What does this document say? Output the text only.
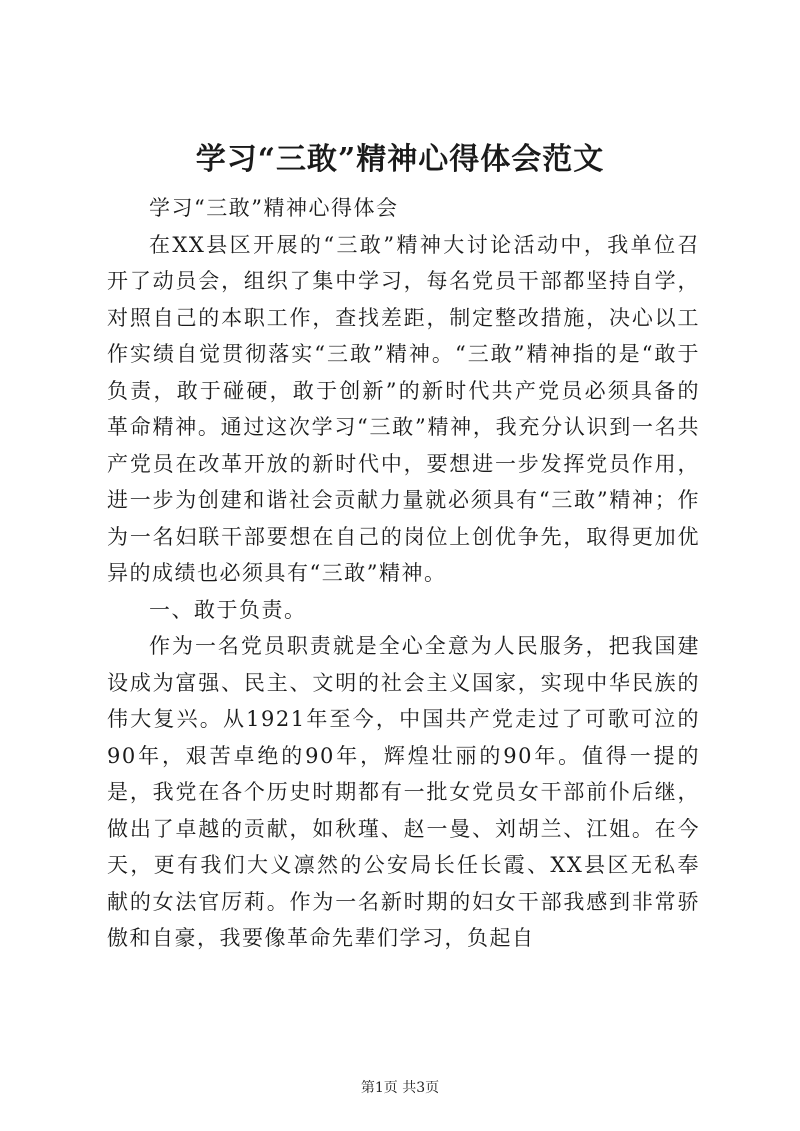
学习“三敢”精神心得体会范文

学习“三敢”精神心得体会

在XX县区开展的“三敢”精神大讨论活动中，我单位召开了动员会，组织了集中学习，每名党员干部都坚持自学，对照自己的本职工作，查找差距，制定整改措施，决心以工作实绩自觉贯彻落实“三敢”精神。“三敢”精神指的是“敢于负责，敢于碰硬，敢于创新”的新时代共产党员必须具备的革命精神。通过这次学习“三敢”精神，我充分认识到一名共产党员在改革开放的新时代中，要想进一步发挥党员作用，进一步为创建和谐社会贡献力量就必须具有“三敢”精神；作为一名妇联干部要想在自己的岗位上创优争先，取得更加优异的成绩也必须具有“三敢”精神。

一、敢于负责。

作为一名党员职责就是全心全意为人民服务，把我国建设成为富强、民主、文明的社会主义国家，实现中华民族的伟大复兴。从1921年至今，中国共产党走过了可歌可泣的90年，艰苦卓绝的90年，辉煌壮丽的90年。值得一提的是，我党在各个历史时期都有一批女党员女干部前仆后继，做出了卓越的贡献，如秋瑾、赵一曼、刘胡兰、江姐。在今天，更有我们大义凛然的公安局长任长霞、XX县区无私奉献的女法官厉莉。作为一名新时期的妇女干部我感到非常骄傲和自豪，我要像革命先辈们学习，负起自

第1页 共3页
